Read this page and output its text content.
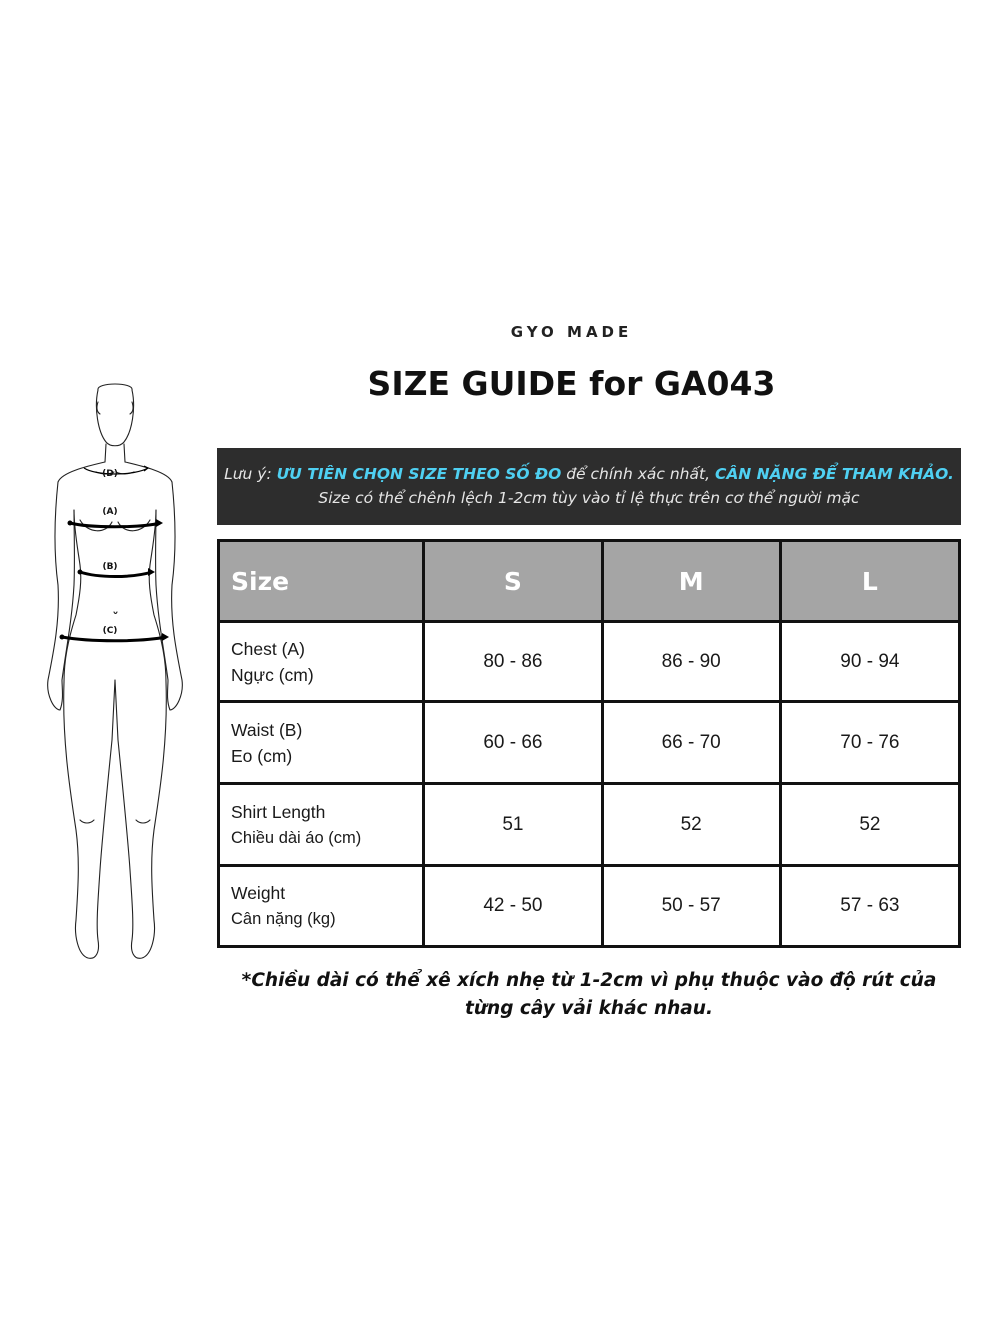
GYO MADE
SIZE GUIDE for GA043
(D)
(A)
(B)
(C)
Lưu ý: ƯU TIÊN CHỌN SIZE THEO SỐ ĐO để chính xác nhất, CÂN NẶNG ĐỂ THAM KHẢO.
Size có thể chênh lệch 1-2cm tùy vào tỉ lệ thực trên cơ thể người mặc
Size	S	M	L

Chest (A)
Ngực (cm)	80 - 86	86 - 90	90 - 94

Waist (B)
Eo (cm)	60 - 66	66 - 70	70 - 76

Shirt Length
Chiều dài áo (cm)	51	52	52

Weight
Cân nặng (kg)	42 - 50	50 - 57	57 - 63
*Chiều dài có thể xê xích nhẹ từ 1-2cm vì phụ thuộc vào độ rút của
từng cây vải khác nhau.
